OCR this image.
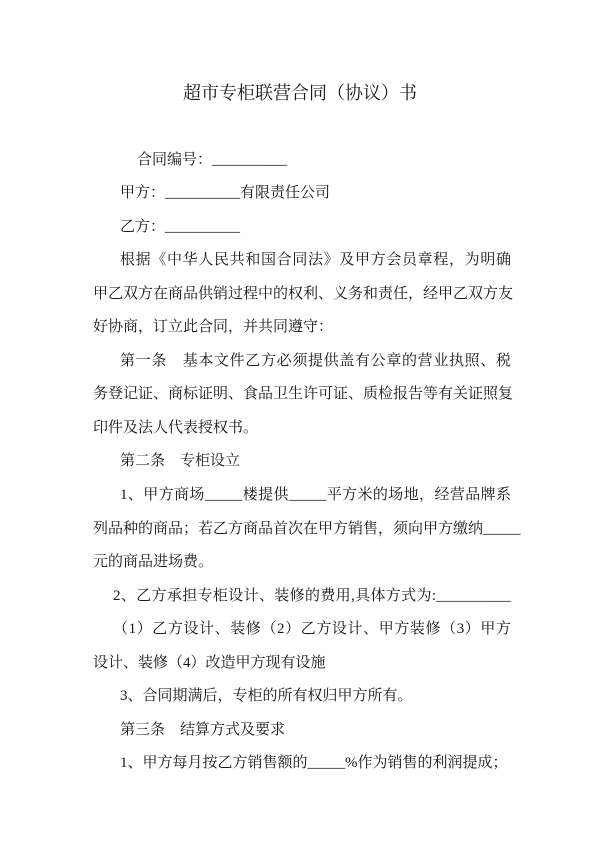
超市专柜联营合同（协议）书
合同编号：__________
甲方：__________有限责任公司
乙方：__________
根据《中华人民共和国合同法》及甲方会员章程，为明确
甲乙双方在商品供销过程中的权利、义务和责任，经甲乙双方友
好协商，订立此合同，并共同遵守：
第一条　基本文件乙方必须提供盖有公章的营业执照、税
务登记证、商标证明、食品卫生许可证、质检报告等有关证照复
印件及法人代表授权书。
第二条　专柜设立
1、甲方商场_____楼提供_____平方米的场地，经营品牌系
列品种的商品；若乙方商品首次在甲方销售，须向甲方缴纳_____
元的商品进场费。
2、乙方承担专柜设计、装修的费用,具体方式为:__________
（1）乙方设计、装修（2）乙方设计、甲方装修（3）甲方
设计、装修（4）改造甲方现有设施
3、合同期满后，专柜的所有权归甲方所有。
第三条　结算方式及要求
1、甲方每月按乙方销售额的_____%作为销售的利润提成；
